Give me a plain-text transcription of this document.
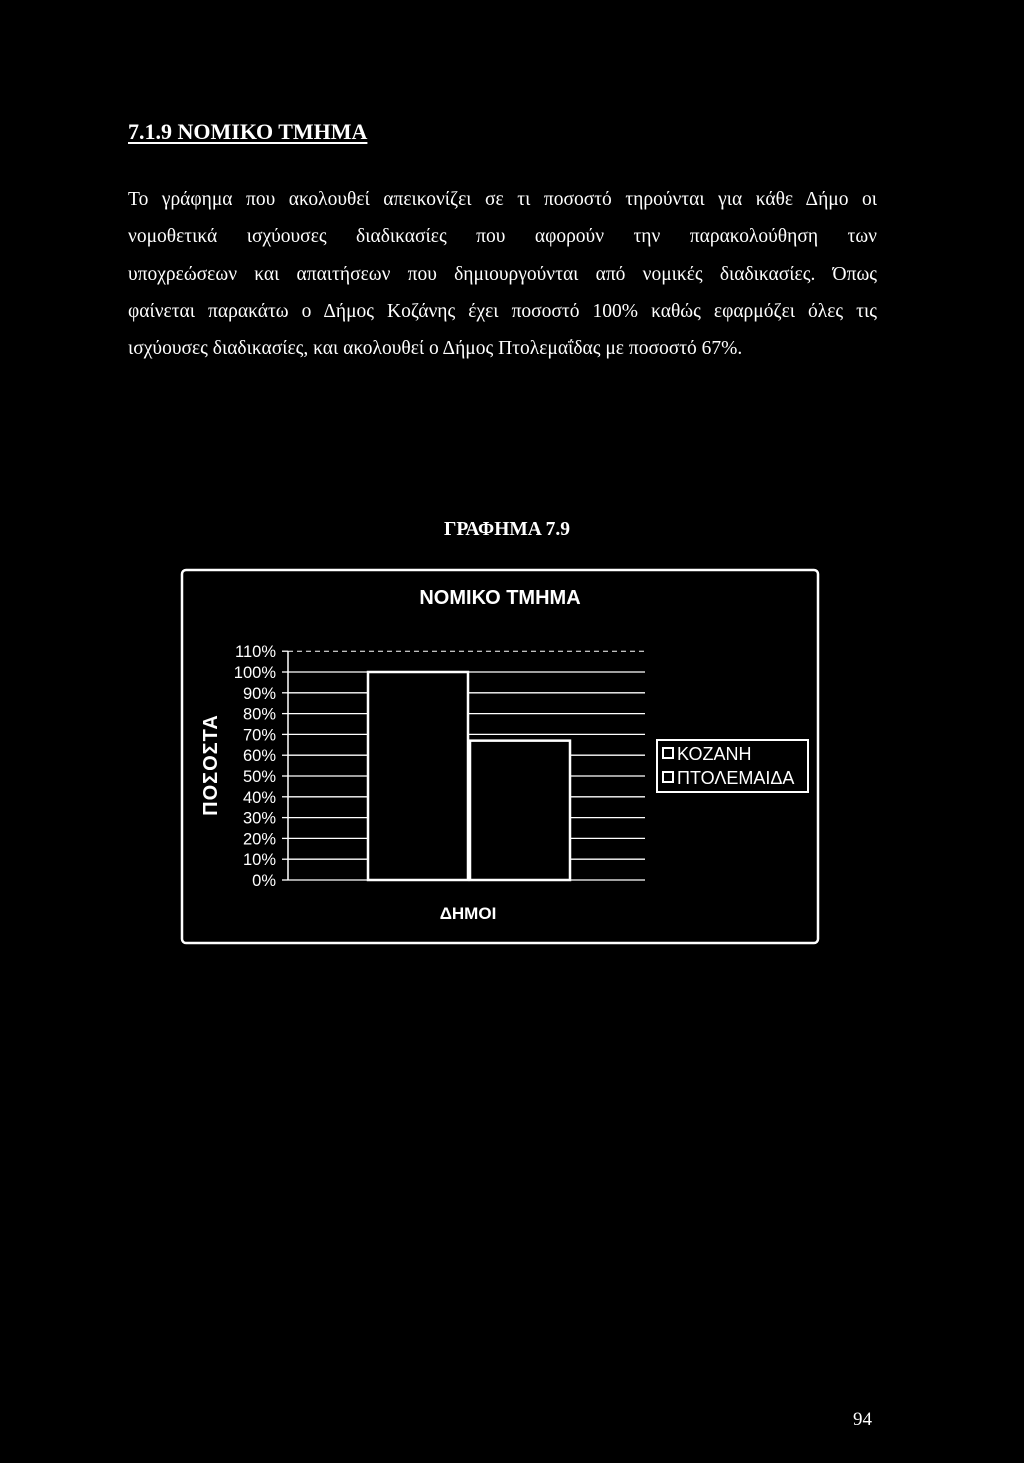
7.1.9 ΝΟΜΙΚΟ ΤΜΗΜΑ
Το γράφημα που ακολουθεί απεικονίζει σε τι ποσοστό τηρούνται για κάθε Δήμο οι
νομοθετικά ισχύουσες διαδικασίες που αφορούν την παρακολούθηση των
υποχρεώσεων και απαιτήσεων που δημιουργούνται από νομικές διαδικασίες. Όπως
φαίνεται παρακάτω ο Δήμος Κοζάνης έχει ποσοστό 100% καθώς εφαρμόζει όλες τις
ισχύουσες διαδικασίες, και ακολουθεί ο Δήμος Πτολεμαΐδας με ποσοστό 67%.
ΓΡΑΦΗΜΑ 7.9
ΝΟΜΙΚΟ ΤΜΗΜΑ
ΠΟΣΟΣΤΑ
0%
10%
20%
30%
40%
50%
60%
70%
80%
90%
100%
110%
ΔΗΜΟΙ
ΚΟΖΑΝΗ
ΠΤΟΛΕΜΑΙΔΑ
94
